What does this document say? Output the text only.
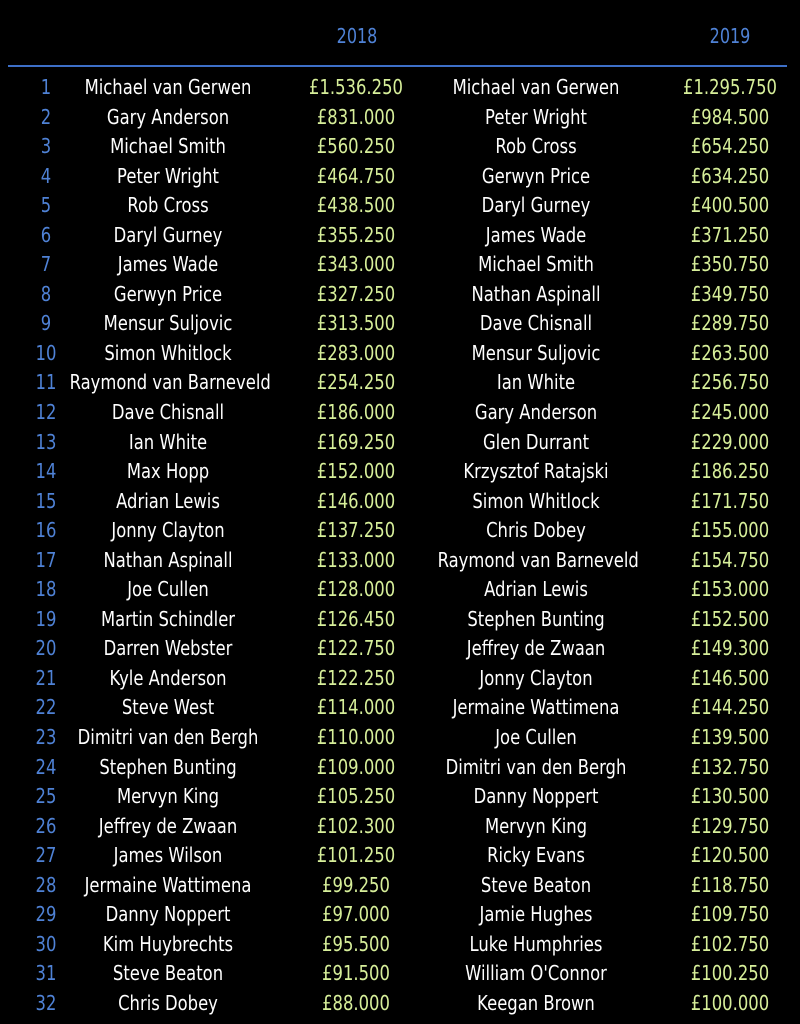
2018	2019
1	Michael van Gerwen	£1.536.250	Michael van Gerwen	£1.295.750
2	Gary Anderson	£831.000	Peter Wright	£984.500
3	Michael Smith	£560.250	Rob Cross	£654.250
4	Peter Wright	£464.750	Gerwyn Price	£634.250
5	Rob Cross	£438.500	Daryl Gurney	£400.500
6	Daryl Gurney	£355.250	James Wade	£371.250
7	James Wade	£343.000	Michael Smith	£350.750
8	Gerwyn Price	£327.250	Nathan Aspinall	£349.750
9	Mensur Suljovic	£313.500	Dave Chisnall	£289.750
10	Simon Whitlock	£283.000	Mensur Suljovic	£263.500
11 Raymond van Barneveld	£254.250	Ian White	£256.750
12	Dave Chisnall	£186.000	Gary Anderson	£245.000
13	Ian White	£169.250	Glen Durrant	£229.000
14	Max Hopp	£152.000	Krzysztof Ratajski	£186.250
15	Adrian Lewis	£146.000	Simon Whitlock	£171.750
16	Jonny Clayton	£137.250	Chris Dobey	£155.000
17	Nathan Aspinall	£133.000	Raymond van Barneveld	£154.750
18	Joe Cullen	£128.000	Adrian Lewis	£153.000
19	Martin Schindler	£126.450	Stephen Bunting	£152.500
20	Darren Webster	£122.750	Jeffrey de Zwaan	£149.300
21	Kyle Anderson	£122.250	Jonny Clayton	£146.500
22	Steve West	£114.000	Jermaine Wattimena	£144.250
23	Dimitri van den Bergh	£110.000	Joe Cullen	£139.500
24	Stephen Bunting	£109.000	Dimitri van den Bergh	£132.750
25	Mervyn King	£105.250	Danny Noppert	£130.500
26	Jeffrey de Zwaan	£102.300	Mervyn King	£129.750
27	James Wilson	£101.250	Ricky Evans	£120.500
28	Jermaine Wattimena	£99.250	Steve Beaton	£118.750
29	Danny Noppert	£97.000	Jamie Hughes	£109.750
30	Kim Huybrechts	£95.500	Luke Humphries	£102.750
31	Steve Beaton	£91.500	William O'Connor	£100.250
32	Chris Dobey	£88.000	Keegan Brown	£100.000
